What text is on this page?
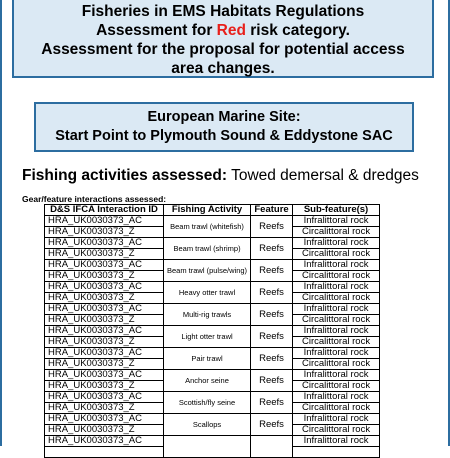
Fisheries in EMS Habitats Regulations
Assessment for Red risk category.
Assessment for the proposal for potential access
area changes.
European Marine Site:
Start Point to Plymouth Sound & Eddystone SAC
Fishing activities assessed: Towed demersal & dredges
Gear/feature interactions assessed:
D&S IFCA Interaction ID	Fishing Activity	Feature	Sub-feature(s)
HRA_UK0030373_AC	Beam trawl (whitefish)	Reefs	Infralittoral rock
HRA_UK0030373_Z			Circalittoral rock
HRA_UK0030373_AC	Beam trawl (shrimp)	Reefs	Infralittoral rock
HRA_UK0030373_Z			Circalittoral rock
HRA_UK0030373_AC	Beam trawl (pulse/wing)	Reefs	Infralittoral rock
HRA_UK0030373_Z			Circalittoral rock
HRA_UK0030373_AC	Heavy otter trawl	Reefs	Infralittoral rock
HRA_UK0030373_Z			Circalittoral rock
HRA_UK0030373_AC	Multi-rig trawls	Reefs	Infralittoral rock
HRA_UK0030373_Z			Circalittoral rock
HRA_UK0030373_AC	Light otter trawl	Reefs	Infralittoral rock
HRA_UK0030373_Z			Circalittoral rock
HRA_UK0030373_AC	Pair trawl	Reefs	Infralittoral rock
HRA_UK0030373_Z			Circalittoral rock
HRA_UK0030373_AC	Anchor seine	Reefs	Infralittoral rock
HRA_UK0030373_Z			Circalittoral rock
HRA_UK0030373_AC	Scottish/fly seine	Reefs	Infralittoral rock
HRA_UK0030373_Z			Circalittoral rock
HRA_UK0030373_AC	Scallops	Reefs	Infralittoral rock
HRA_UK0030373_Z			Circalittoral rock
HRA_UK0030373_AC			Infralittoral rock
